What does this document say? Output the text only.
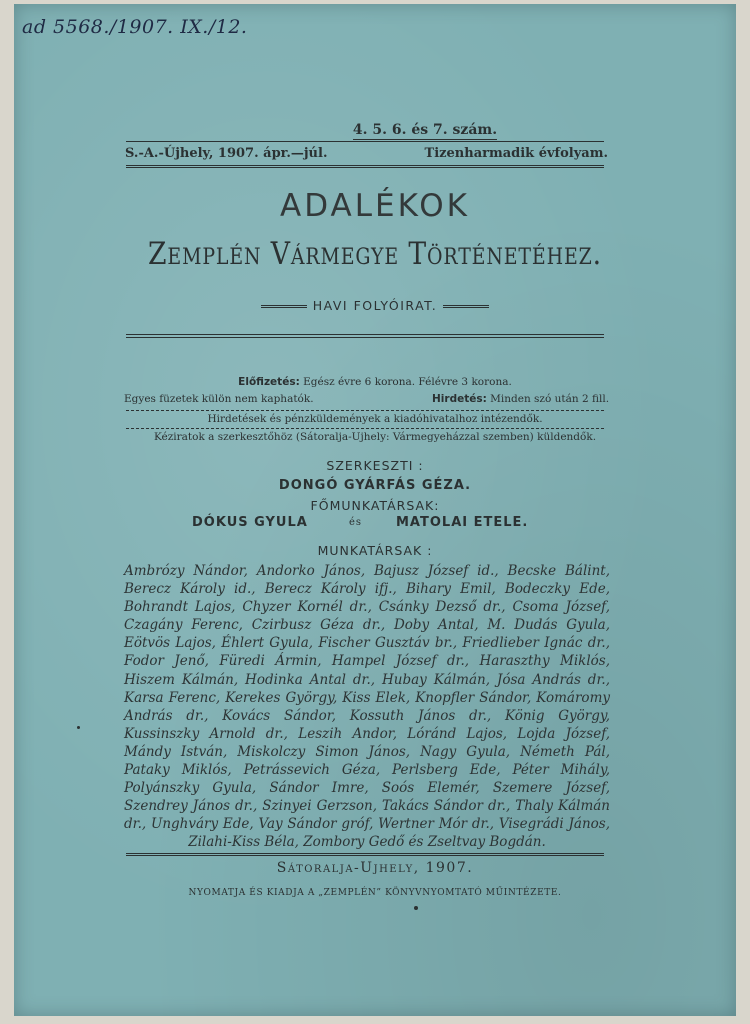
ad 5568./1907. IX./12.
4. 5. 6. és 7. szám.
S.-A.-Újhely, 1907. ápr.—júl.	Tizenharmadik évfolyam.
ADALÉKOK
Zemplén Vármegye Történetéhez.
HAVI FOLYÓIRAT.
Előfizetés: Egész évre 6 korona. Félévre 3 korona.
Egyes füzetek külön nem kaphatók.	Hirdetés: Minden szó után 2 fill.
Hirdetések és pénzküldemények a kiadóhivatalhoz intézendők.
Kéziratok a szerkesztőhöz (Sátoralja-Ujhely: Vármegyeházzal szemben) küldendők.
SZERKESZTI :
DONGÓ GYÁRFÁS GÉZA.
FŐMUNKATÁRSAK:
DÓKUS GYULA	és	MATOLAI ETELE.
MUNKATÁRSAK :
Ambrózy Nándor, Andorko János, Bajusz József id., Becske Bálint, Berecz Károly id., Berecz Károly ifj., Bihary Emil, Bodeczky Ede, Bohrandt Lajos, Chyzer Kornél dr., Csánky Dezső dr., Csoma József, Czagány Ferenc, Czirbusz Géza dr., Doby Antal, M. Dudás Gyula, Eötvös Lajos, Éhlert Gyula, Fischer Gusztáv br., Friedlieber Ignác dr., Fodor Jenő, Füredi Ármin, Hampel József dr., Haraszthy Miklós, Hiszem Kálmán, Hodinka Antal dr., Hubay Kálmán, Jósa András dr., Karsa Ferenc, Kerekes György, Kiss Elek, Knopfler Sándor, Komáromy András dr., Kovács Sándor, Kossuth János dr., König György, Kussinszky Arnold dr., Leszih Andor, Lóránd Lajos, Lojda József, Mándy István, Miskolczy Simon János, Nagy Gyula, Németh Pál, Pataky Miklós, Petrássevich Géza, Perlsberg Ede, Péter Mihály, Polyánszky Gyula, Sándor Imre, Soós Elemér, Szemere József, Szendrey János dr., Szinyei Gerzson, Takács Sándor dr., Thaly Kálmán dr., Unghváry Ede, Vay Sándor gróf, Wertner Mór dr., Visegrádi János, Zilahi-Kiss Béla, Zombory Gedő és Zseltvay Bogdán.
Sátoralja-Ujhely, 1907.
NYOMATJA ÉS KIADJA A „ZEMPLÉN” KÖNYVNYOMTATÓ MŰINTÉZETE.
